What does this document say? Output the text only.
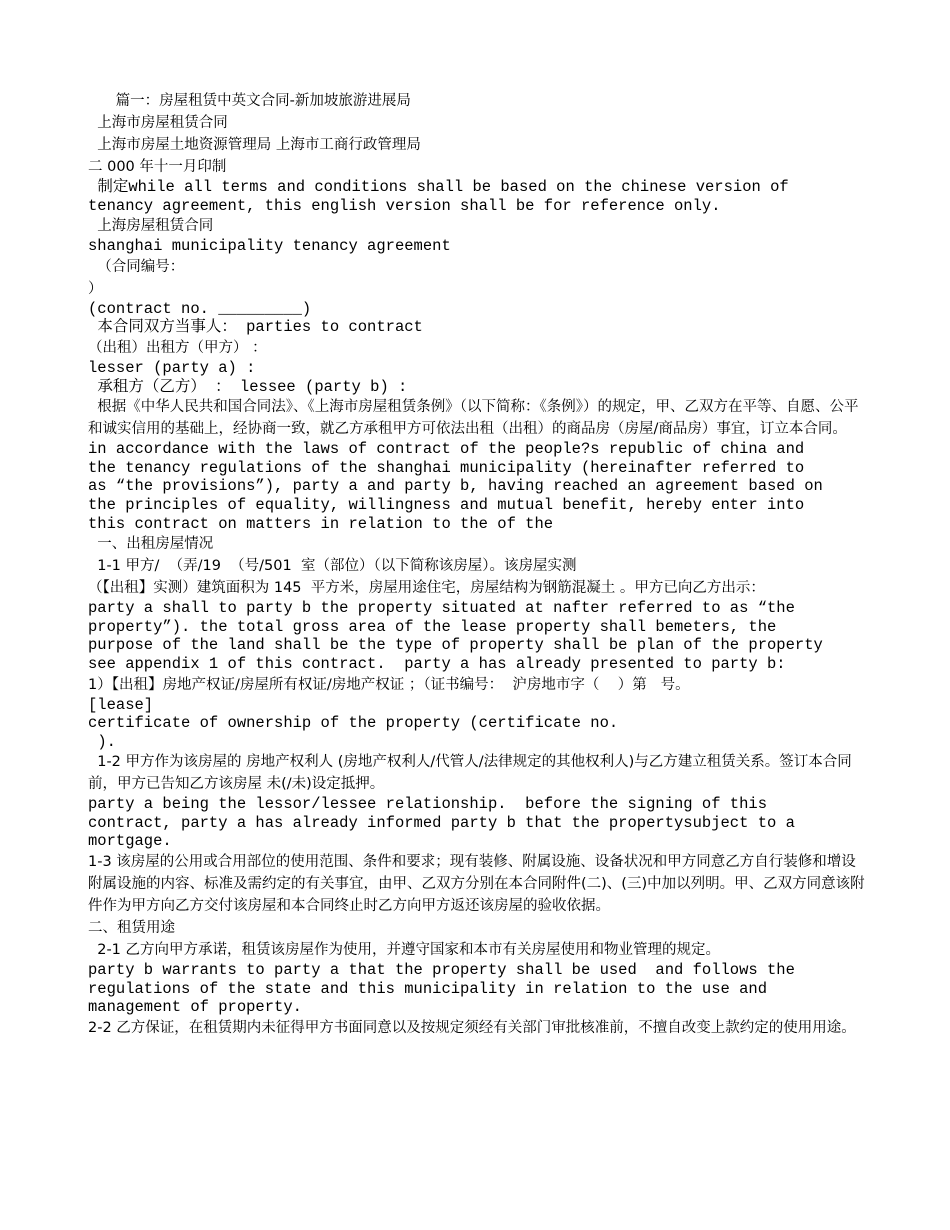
篇一：房屋租赁中英文合同-新加坡旅游进展局

上海市房屋租赁合同

上海市房屋土地资源管理局 上海市工商行政管理局

二 000 年十一月印制

制定while all terms and conditions shall be based on the chinese version of
tenancy agreement, this english version shall be for reference only.

上海房屋租赁合同

shanghai municipality tenancy agreement

（合同编号：

）

(contract no. _________)

本合同双方当事人： parties to contract

（出租）出租方（甲方） ：

lesser (party a) :

承租方（乙方） ： lessee (party b) :

根据《中华人民共和国合同法》、《上海市房屋租赁条例》（以下简称：《条例》）的规定，甲、乙双方在平等、自愿、公平和诚实信用的基础上，经协商一致，就乙方承租甲方可依法出租（出租）的商品房（房屋/商品房）事宜，订立本合同。

in accordance with the laws of contract of the people?s republic of china and
the tenancy regulations of the shanghai municipality (hereinafter referred to
as “the provisions”), party a and party b, having reached an agreement based on
the principles of equality, willingness and mutual benefit, hereby enter into
this contract on matters in relation to the of the

一、出租房屋情况

1-1 甲方/  （弄/19  （号/501  室（部位）（以下简称该房屋）。该房屋实测

（【出租】实测）建筑面积为 145  平方米，房屋用途住宅，房屋结构为钢筋混凝土 。甲方已向乙方出示：

party a shall to party b the property situated at nafter referred to as “the
property”). the total gross area of the lease property shall bemeters, the
purpose of the land shall be the type of property shall be plan of the property
see appendix 1 of this contract.  party a has already presented to party b:

1）【出租】房地产权证/房屋所有权证/房地产权证 ；（证书编号：  沪房地市字（    ）第   号。

[lease]
certificate of ownership of the property (certificate no.
).

1-2 甲方作为该房屋的 房地产权利人 (房地产权利人/代管人/法律规定的其他权利人)与乙方建立租赁关系。签订本合同前，甲方已告知乙方该房屋 未(/未)设定抵押。

party a being the lessor/lessee relationship.  before the signing of this
contract, party a has already informed party b that the propertysubject to a
mortgage.

1-3 该房屋的公用或合用部位的使用范围、条件和要求；现有装修、附属设施、设备状况和甲方同意乙方自行装修和增设附属设施的内容、标准及需约定的有关事宜，由甲、乙双方分别在本合同附件(二)、(三)中加以列明。甲、乙双方同意该附件作为甲方向乙方交付该房屋和本合同终止时乙方向甲方返还该房屋的验收依据。

二、租赁用途

2-1 乙方向甲方承诺，租赁该房屋作为使用，并遵守国家和本市有关房屋使用和物业管理的规定。

party b warrants to party a that the property shall be used  and follows the
regulations of the state and this municipality in relation to the use and
management of property.

2-2 乙方保证，在租赁期内未征得甲方书面同意以及按规定须经有关部门审批核准前，不擅自改变上款约定的使用用途。
